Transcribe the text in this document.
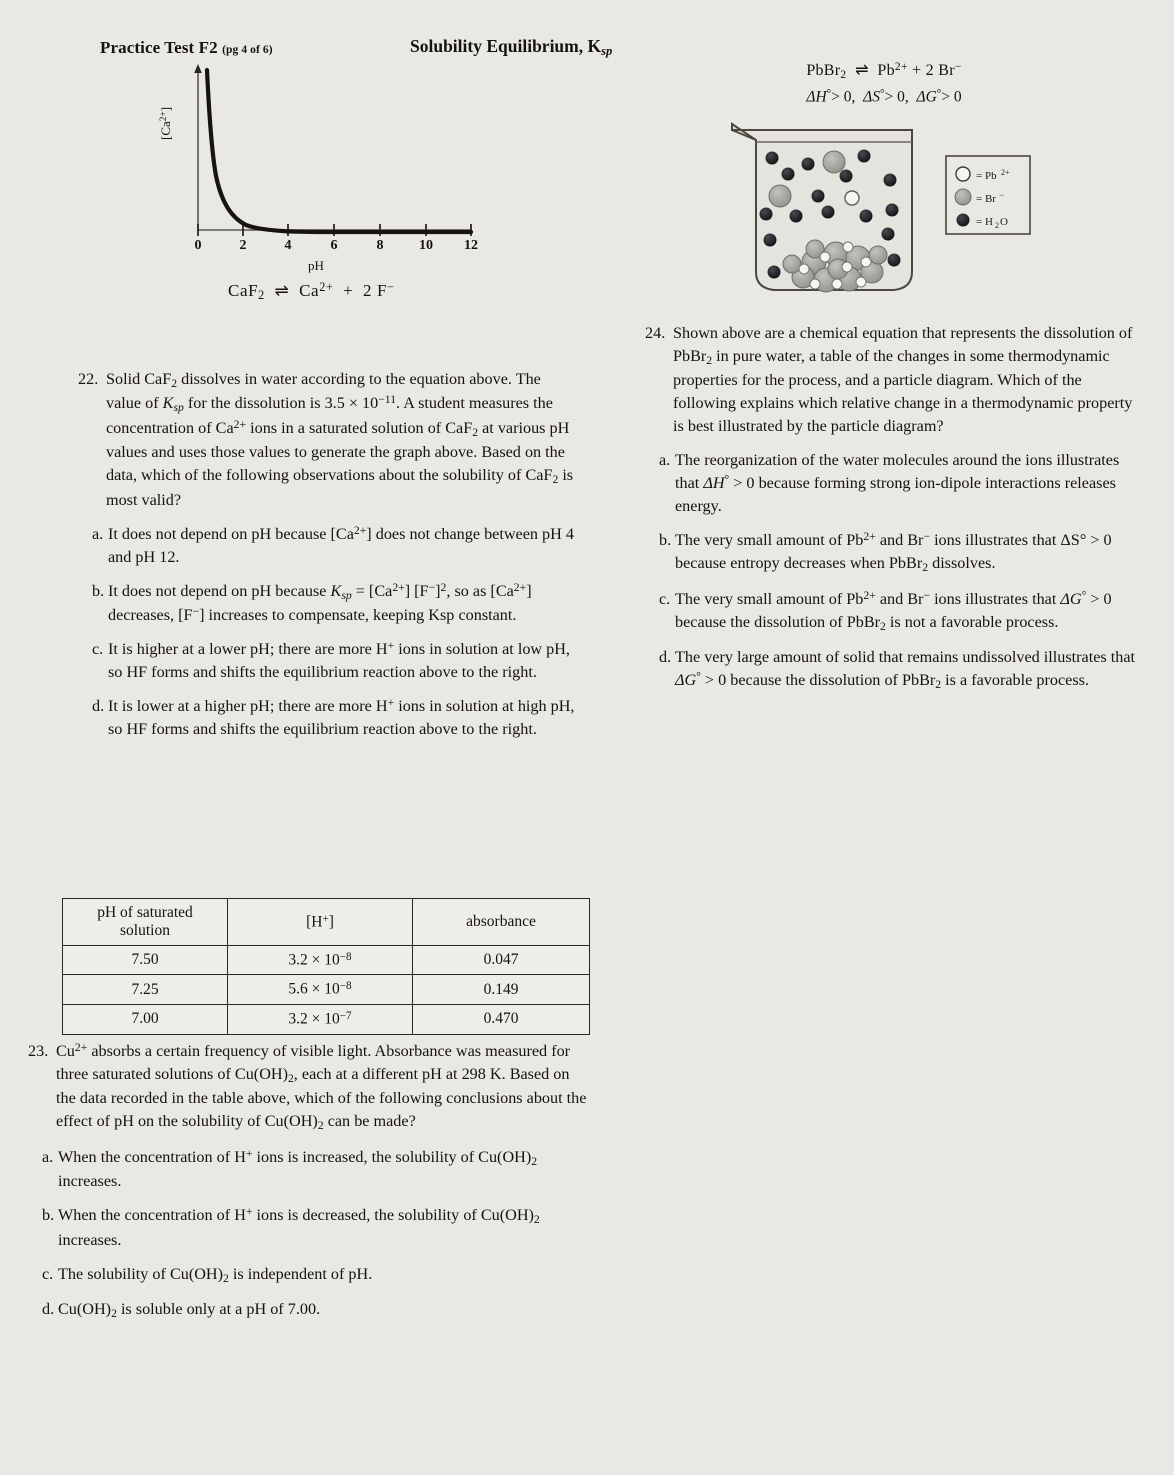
Practice Test F2 (pg 4 of 6)	Solubility Equilibrium, $K_{sp}$
$[Ca^{2+}]$
pH
0	2	4	6	8	10 12
CaF$_2$  ⇌  $Ca^{2+} + 2$ F−
PbBr$_2$  ⇌  $Pb^{2+} + 2$ Br−
ΔH°> 0,  ΔS°> 0,  ΔG°> 0
= Pb 2+
= Br −
= H 2 O
22. Solid CaF$_2$ dissolves in water according to the equation above. The value of $K_{sp}$ for the dissolution is $3.5 \times 10^{-11}$. A student measures the concentration of $Ca^{2+}$ ions in a saturated solution of CaF$_2$ at various pH values and uses those values to generate the graph above. Based on the data, which of the following observations about the solubility of CaF$_2$ is most valid?
a. It does not depend on pH because $[Ca^{2+}]$ does not change between pH 4 and pH 12.
b. It does not depend on pH because $K_{sp} = [Ca^{2+}]$ $[F^-]^2$, so as $[Ca^{2+}]$ decreases, [F−] increases to compensate, keeping Ksp constant.
c. It is higher at a lower pH; there are more H+ ions in solution at low pH, so HF forms and shifts the equilibrium reaction above to the right.
d. It is lower at a higher pH; there are more H+ ions in solution at high pH, so HF forms and shifts the equilibrium reaction above to the right.
24. Shown above are a chemical equation that represents the dissolution of PbBr$_2$ in pure water, a table of the changes in some thermodynamic properties for the process, and a particle diagram. Which of the following explains which relative change in a thermodynamic property is best illustrated by the particle diagram?
a. The reorganization of the water molecules around the ions illustrates that ΔH° > 0 because forming strong ion-dipole interactions releases energy.
b. The very small amount of $Pb^{2+}$ and Br− ions illustrates that ΔS° > 0 because entropy decreases when PbBr$_2$ dissolves.
c. The very small amount of $Pb^{2+}$ and Br− ions illustrates that ΔG° > 0 because the dissolution of PbBr$_2$ is not a favorable process.
d. The very large amount of solid that remains undissolved illustrates that ΔG° > 0 because the dissolution of PbBr$_2$ is a favorable process.
pH of saturated
solution	[H+]	absorbance
7.50	$3.2 \times 10^{-8}$	0.047
7.25	$5.6 \times 10^{-8}$	0.149
7.00	$3.2 \times 10^{-7}$	0.470
23. $Cu^{2+}$ absorbs a certain frequency of visible light. Absorbance was measured for three saturated solutions of $Cu(OH)_2$, each at a different pH at 298 K. Based on the data recorded in the table above, which of the following conclusions about the effect of pH on the solubility of $Cu(OH)_2$ can be made?
a. When the concentration of H+ ions is increased, the solubility of $Cu(OH)_2$ increases.
b. When the concentration of H+ ions is decreased, the solubility of $Cu(OH)_2$ increases.
c. The solubility of $Cu(OH)_2$ is independent of pH.
d. $Cu(OH)_2$ is soluble only at a pH of 7.00.
